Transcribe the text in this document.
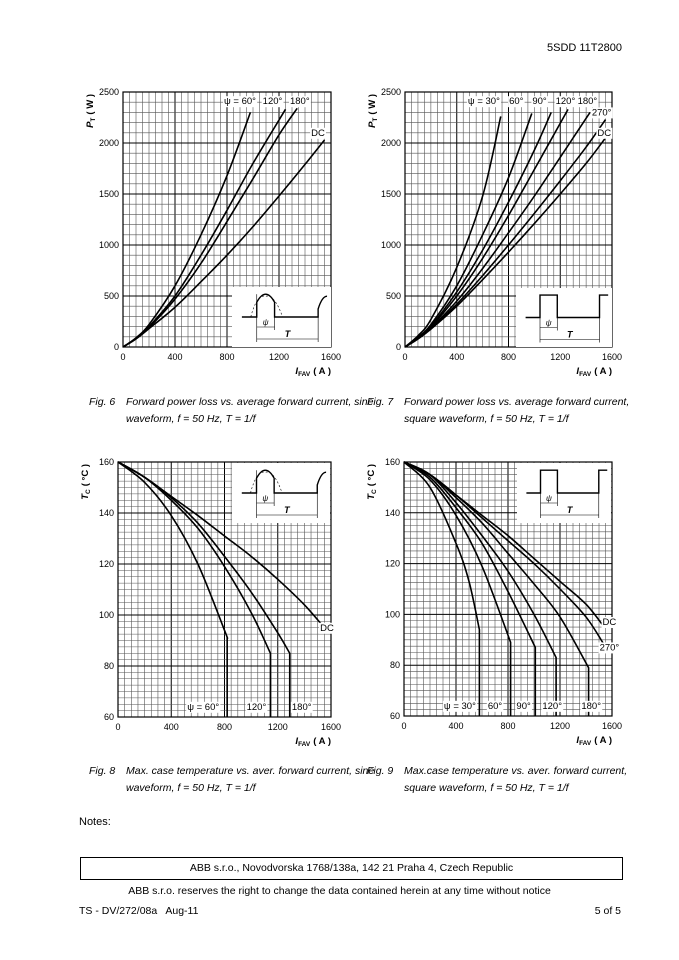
5SDD 11T2800
0	400	800	1200	1600
0
500
1000
1500
2000
2500
$I_{FAV}$ ( A )
$P_T$( W )
ψ
T
ψ = 60° 120° 180°
DC
0	400	800	1200	1600
0
500
1000
1500
2000
2500
$I_{FAV}$ ( A )
$P_T$( W )
ψ
T
ψ = 30° 60° 90° 120° 180°
270°
DC
0	400	800	1200	1600
60
80
100
120
140
160
$I_{FAV}$ ( A )
$T_C$( °C )
ψ
T
ψ = 60°	120°	180°
DC
0	400	800	1200	1600
60
80
100
120
140
160
$I_{FAV}$ ( A )
$T_C$( °C )
ψ
T
ψ = 30° 60° 90° 120° 180°
DC
270°
Fig. 6 Forward power loss vs. average forward current, sine waveform, f = 50 Hz, T = 1/f
Fig. 7 Forward power loss vs. average forward current, square waveform, f = 50 Hz, T = 1/f
Fig. 8 Max. case temperature vs. aver. forward current, sine waveform, f = 50 Hz, T = 1/f
Fig. 9 Max.case temperature vs. aver. forward current, square waveform, f = 50 Hz, T = 1/f
Notes:
ABB s.r.o., Novodvorska 1768/138a, 142 21 Praha 4, Czech Republic
ABB s.r.o. reserves the right to change the data contained herein at any time without notice
TS - DV/272/08a   Aug-11	5 of 5
